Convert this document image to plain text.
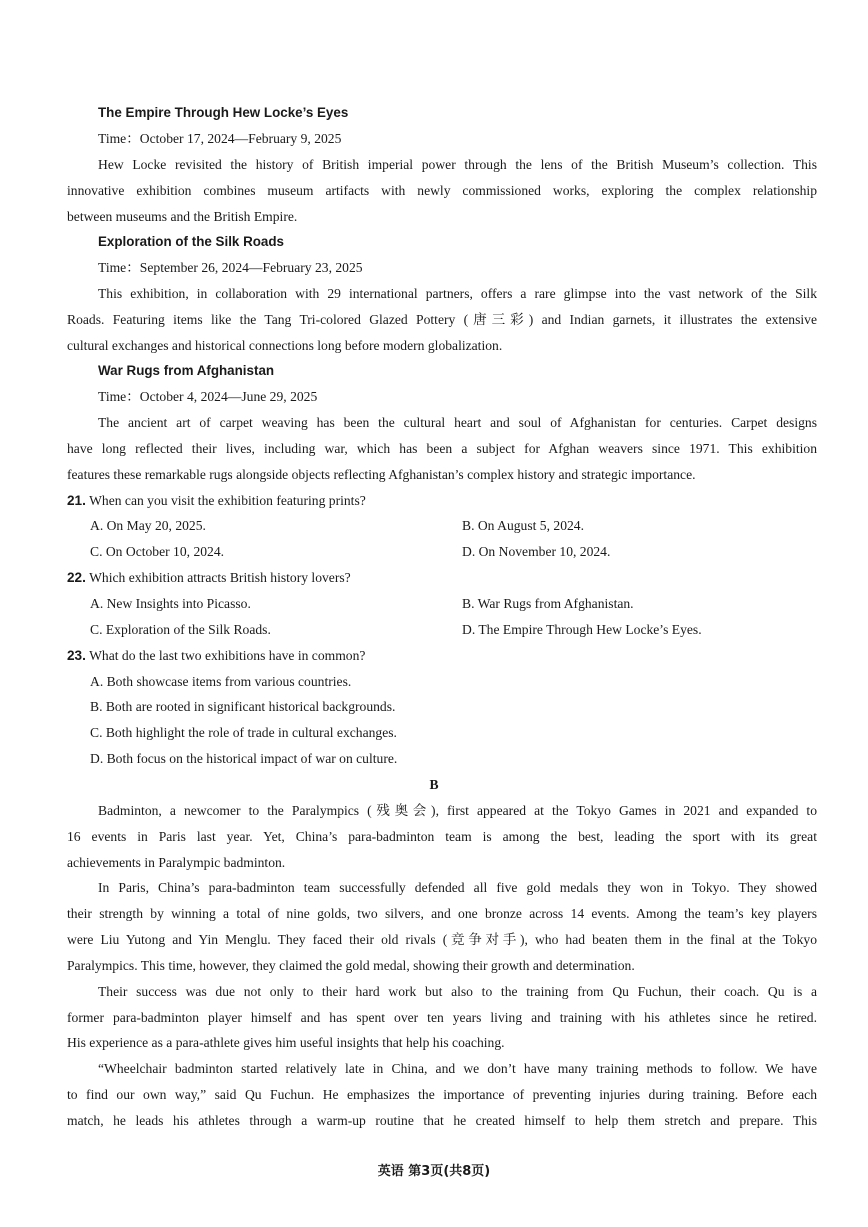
The Empire Through Hew Locke’s Eyes
Time：October 17, 2024—February 9, 2025
Hew Locke revisited the history of British imperial power through the lens of the British Museum’s collection. This
innovative exhibition combines museum artifacts with newly commissioned works, exploring the complex relationship
between museums and the British Empire.
Exploration of the Silk Roads
Time：September 26, 2024—February 23, 2025
This exhibition, in collaboration with 29 international partners, offers a rare glimpse into the vast network of the Silk
Roads. Featuring items like the Tang Tri-colored Glazed Pottery (唐三彩) and Indian garnets, it illustrates the extensive
cultural exchanges and historical connections long before modern globalization.
War Rugs from Afghanistan
Time：October 4, 2024—June 29, 2025
The ancient art of carpet weaving has been the cultural heart and soul of Afghanistan for centuries. Carpet designs
have long reflected their lives, including war, which has been a subject for Afghan weavers since 1971. This exhibition
features these remarkable rugs alongside objects reflecting Afghanistan’s complex history and strategic importance.
21. When can you visit the exhibition featuring prints?
A. On May 20, 2025.	B. On August 5, 2024.
C. On October 10, 2024.	D. On November 10, 2024.
22. Which exhibition attracts British history lovers?
A. New Insights into Picasso.	B. War Rugs from Afghanistan.
C. Exploration of the Silk Roads.	D. The Empire Through Hew Locke’s Eyes.
23. What do the last two exhibitions have in common?
A. Both showcase items from various countries.
B. Both are rooted in significant historical backgrounds.
C. Both highlight the role of trade in cultural exchanges.
D. Both focus on the historical impact of war on culture.
B
Badminton, a newcomer to the Paralympics (残奥会), first appeared at the Tokyo Games in 2021 and expanded to
16 events in Paris last year. Yet, China’s para-badminton team is among the best, leading the sport with its great
achievements in Paralympic badminton.
In Paris, China’s para-badminton team successfully defended all five gold medals they won in Tokyo. They showed
their strength by winning a total of nine golds, two silvers, and one bronze across 14 events. Among the team’s key players
were Liu Yutong and Yin Menglu. They faced their old rivals (竞争对手), who had beaten them in the final at the Tokyo
Paralympics. This time, however, they claimed the gold medal, showing their growth and determination.
Their success was due not only to their hard work but also to the training from Qu Fuchun, their coach. Qu is a
former para-badminton player himself and has spent over ten years living and training with his athletes since he retired.
His experience as a para-athlete gives him useful insights that help his coaching.
“Wheelchair badminton started relatively late in China, and we don’t have many training methods to follow. We have
to find our own way,” said Qu Fuchun. He emphasizes the importance of preventing injuries during training. Before each
match, he leads his athletes through a warm-up routine that he created himself to help them stretch and prepare. This
英语 第3页(共8页)
